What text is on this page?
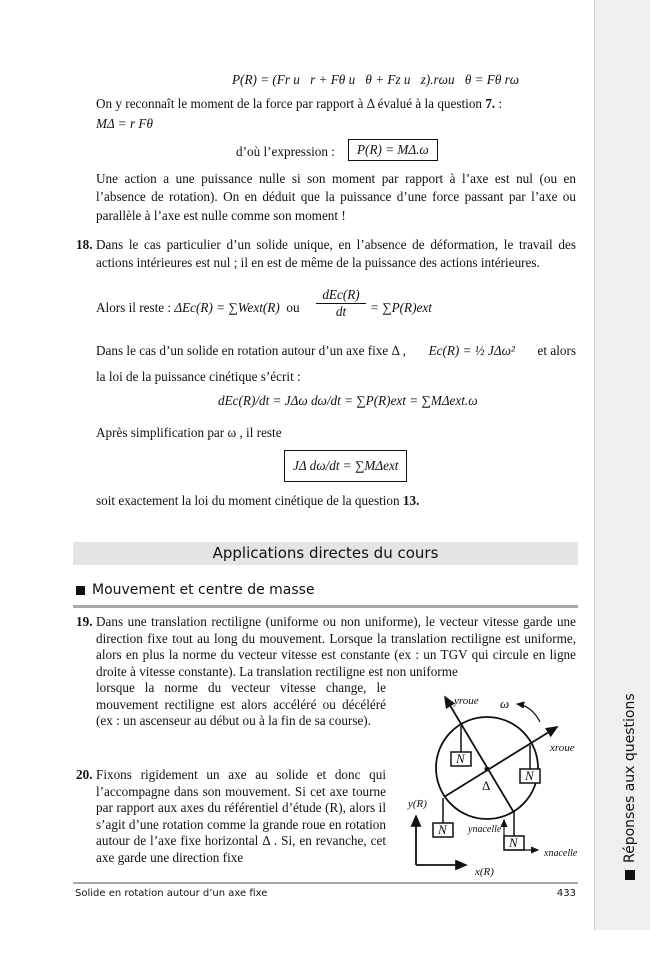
P(R) = (Fr u⃗r + Fθ u⃗θ + Fz u⃗z).rωu⃗θ = Fθ rω
On y reconnaît le moment de la force par rapport à Δ évalué à la question 7. :
MΔ = r Fθ
d’où l’expression :	P(R) = MΔ.ω
Une action a une puissance nulle si son moment par rapport à l’axe est nul (ou en l’absence de rotation). On en déduit que la puissance d’une force passant par l’axe ou parallèle à l’axe est nulle comme son moment !
18. Dans le cas particulier d’un solide unique, en l’absence de déformation, le travail des actions intérieures est nul ; il en est de même de la puissance des actions intérieures.
Alors il reste : ΔEc(R) = ∑Wext(R) ou
dEc(R)
dt	= ∑P(R)ext
Dans le cas d’un solide en rotation autour d’un axe fixe Δ , Ec(R) = ½ JΔω² et alors
la loi de la puissance cinétique s’écrit :
dEc(R)/dt = JΔω dω/dt = ∑P(R)ext = ∑MΔext.ω
Après simplification par ω , il reste
JΔ dω/dt = ∑MΔext
soit exactement la loi du moment cinétique de la question 13.
Applications directes du cours
Mouvement et centre de masse
19. Dans une translation rectiligne (uniforme ou non uniforme), le vecteur vitesse garde une direction fixe tout au long du mouvement. Lorsque la translation rectiligne est uniforme, alors en plus la norme du vecteur vitesse est constante (ex : un TGV qui circule en ligne droite à vitesse constante). La translation rectiligne est non uniforme
lorsque la norme du vecteur vitesse change, le mouvement rectiligne est alors accéléré ou décéléré (ex : un ascenseur au début ou à la fin de sa course).
20. Fixons rigidement un axe au solide et donc qui l’accompagne dans son mouvement. Si cet axe tourne par rapport aux axes du référentiel d’étude (R), alors il s’agit d’une rotation comme la grande roue en rotation autour de l’axe fixe horizontal Δ . Si, en revanche, cet axe garde une direction fixe
yroue ω
xroue
Δ
N
N
N
N
y(R)
x(R)
ynacelle
xnacelle
Solide en rotation autour d’un axe fixe	433
Réponses aux questions
